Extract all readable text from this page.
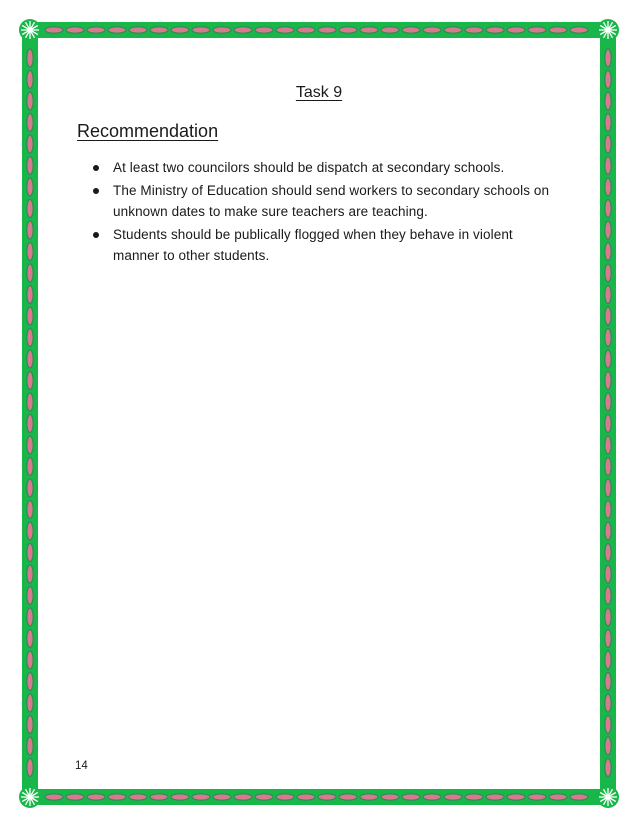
Task 9
Recommendation
At least two councilors should be dispatch at secondary schools.
The Ministry of Education should send workers to secondary schools on unknown dates to make sure teachers are teaching.
Students should be publically flogged when they behave in violent manner to other students.
14
